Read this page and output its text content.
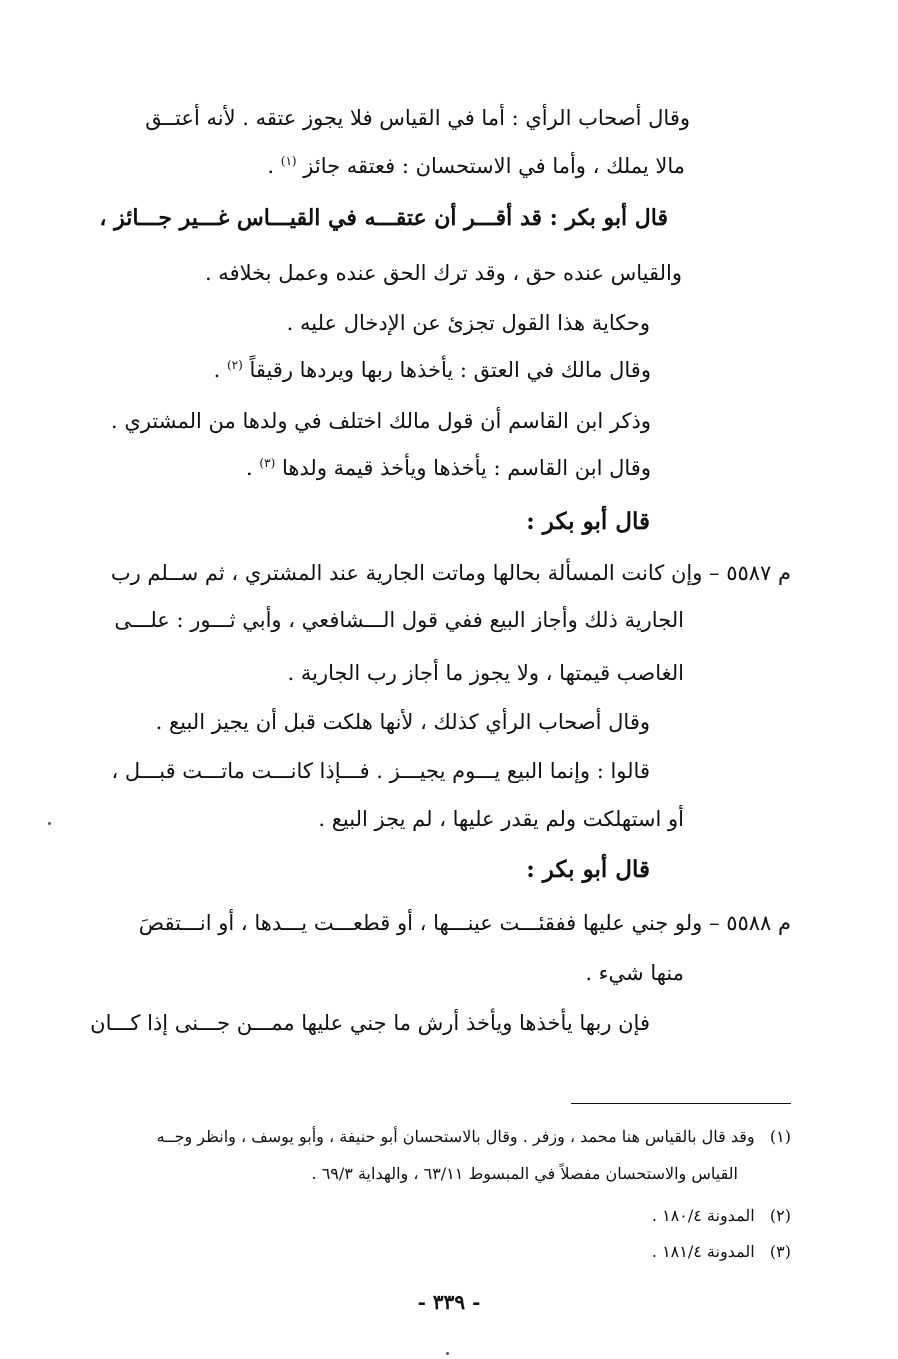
وقال أصحاب الرأي : أما في القياس فلا يجوز عتقه . لأنه أعتــق
مالا يملك ، وأما في الاستحسان : فعتقه جائز $^{(١)}$ .
قال أبو بكر : قد أقـــر أن عتقـــه في القيـــاس غـــير جـــائز ،
والقياس عنده حق ، وقد ترك الحق عنده وعمل بخلافه .
وحكاية هذا القول تجزئ عن الإدخال عليه .
وقال مالك في العتق : يأخذها ربها ويردها رقيقاً $^{(٢)}$ .
وذكر ابن القاسم أن قول مالك اختلف في ولدها من المشتري .
وقال ابن القاسم : يأخذها ويأخذ قيمة ولدها $^{(٣)}$ .
قال أبو بكر :
م ٥٥٨٧ – وإن كانت المسألة بحالها وماتت الجارية عند المشتري ، ثم ســلم رب
الجارية ذلك وأجاز البيع ففي قول الـــشافعي ، وأبي ثـــور : علـــى
الغاصب قيمتها ، ولا يجوز ما أجاز رب الجارية .
وقال أصحاب الرأي كذلك ، لأنها هلكت قبل أن يجيز البيع .
قالوا : وإنما البيع يـــوم يجيـــز . فـــإذا كانـــت ماتـــت قبـــل ،
أو استهلكت ولم يقدر عليها ، لم يجز البيع .
قال أبو بكر :
م ٥٥٨٨ – ولو جني عليها ففقئـــت عينـــها ، أو قطعـــت يـــدها ، أو انـــتقصَ
منها شيء .
فإن ربها يأخذها ويأخذ أرش ما جني عليها ممـــن جـــنى إذا كـــان
(١)   وقد قال بالقياس هنا محمد ، وزفر . وقال بالاستحسان أبو حنيفة ، وأبو يوسف ، وانظر وجــه
القياس والاستحسان مفصلاً في المبسوط ٦٣/١١ ، والهداية ٦٩/٣ .
(٢)   المدونة ١٨٠/٤ .
(٣)   المدونة ١٨١/٤ .
- ٣٣٩ -
